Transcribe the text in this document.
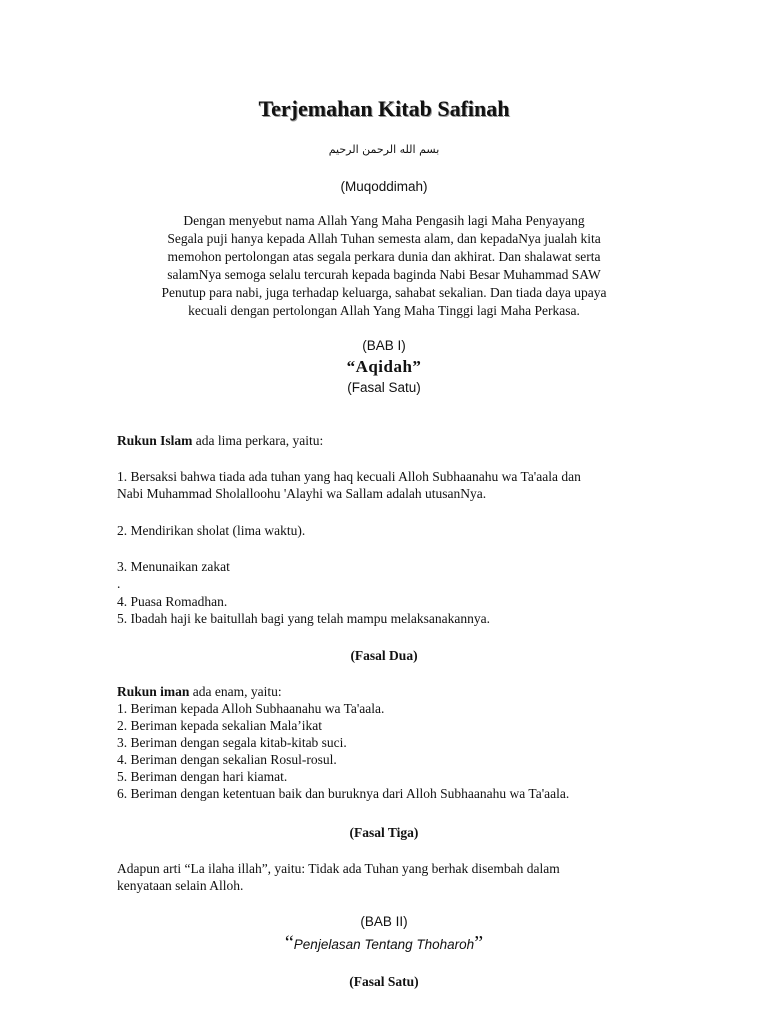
Terjemahan Kitab Safinah
بسم الله الرحمن الرحيم
(Muqoddimah)
Dengan menyebut nama Allah Yang Maha Pengasih lagi Maha Penyayang
Segala puji hanya kepada Allah Tuhan semesta alam, dan kepadaNya jualah kita
memohon pertolongan atas segala perkara dunia dan akhirat. Dan shalawat serta
salamNya semoga selalu tercurah kepada baginda Nabi Besar Muhammad SAW
Penutup para nabi, juga terhadap keluarga, sahabat sekalian. Dan tiada daya upaya
kecuali dengan pertolongan Allah Yang Maha Tinggi lagi Maha Perkasa.
(BAB I)
“Aqidah”
(Fasal Satu)
Rukun Islam ada lima perkara, yaitu:
1. Bersaksi bahwa tiada ada tuhan yang haq kecuali Alloh Subhaanahu wa Ta'aala dan
Nabi Muhammad Sholalloohu 'Alayhi wa Sallam adalah utusanNya.
2. Mendirikan sholat (lima waktu).
3. Menunaikan zakat
.
4. Puasa Romadhan.
5. Ibadah haji ke baitullah bagi yang telah mampu melaksanakannya.
(Fasal Dua)
Rukun iman ada enam, yaitu:
1. Beriman kepada Alloh Subhaanahu wa Ta'aala.
2. Beriman kepada sekalian Mala’ikat
3. Beriman dengan segala kitab-kitab suci.
4. Beriman dengan sekalian Rosul-rosul.
5. Beriman dengan hari kiamat.
6. Beriman dengan ketentuan baik dan buruknya dari Alloh Subhaanahu wa Ta'aala.
(Fasal Tiga)
Adapun arti “La ilaha illah”, yaitu: Tidak ada Tuhan yang berhak disembah dalam
kenyataan selain Alloh.
(BAB II)
“Penjelasan Tentang Thoharoh”
(Fasal Satu)
